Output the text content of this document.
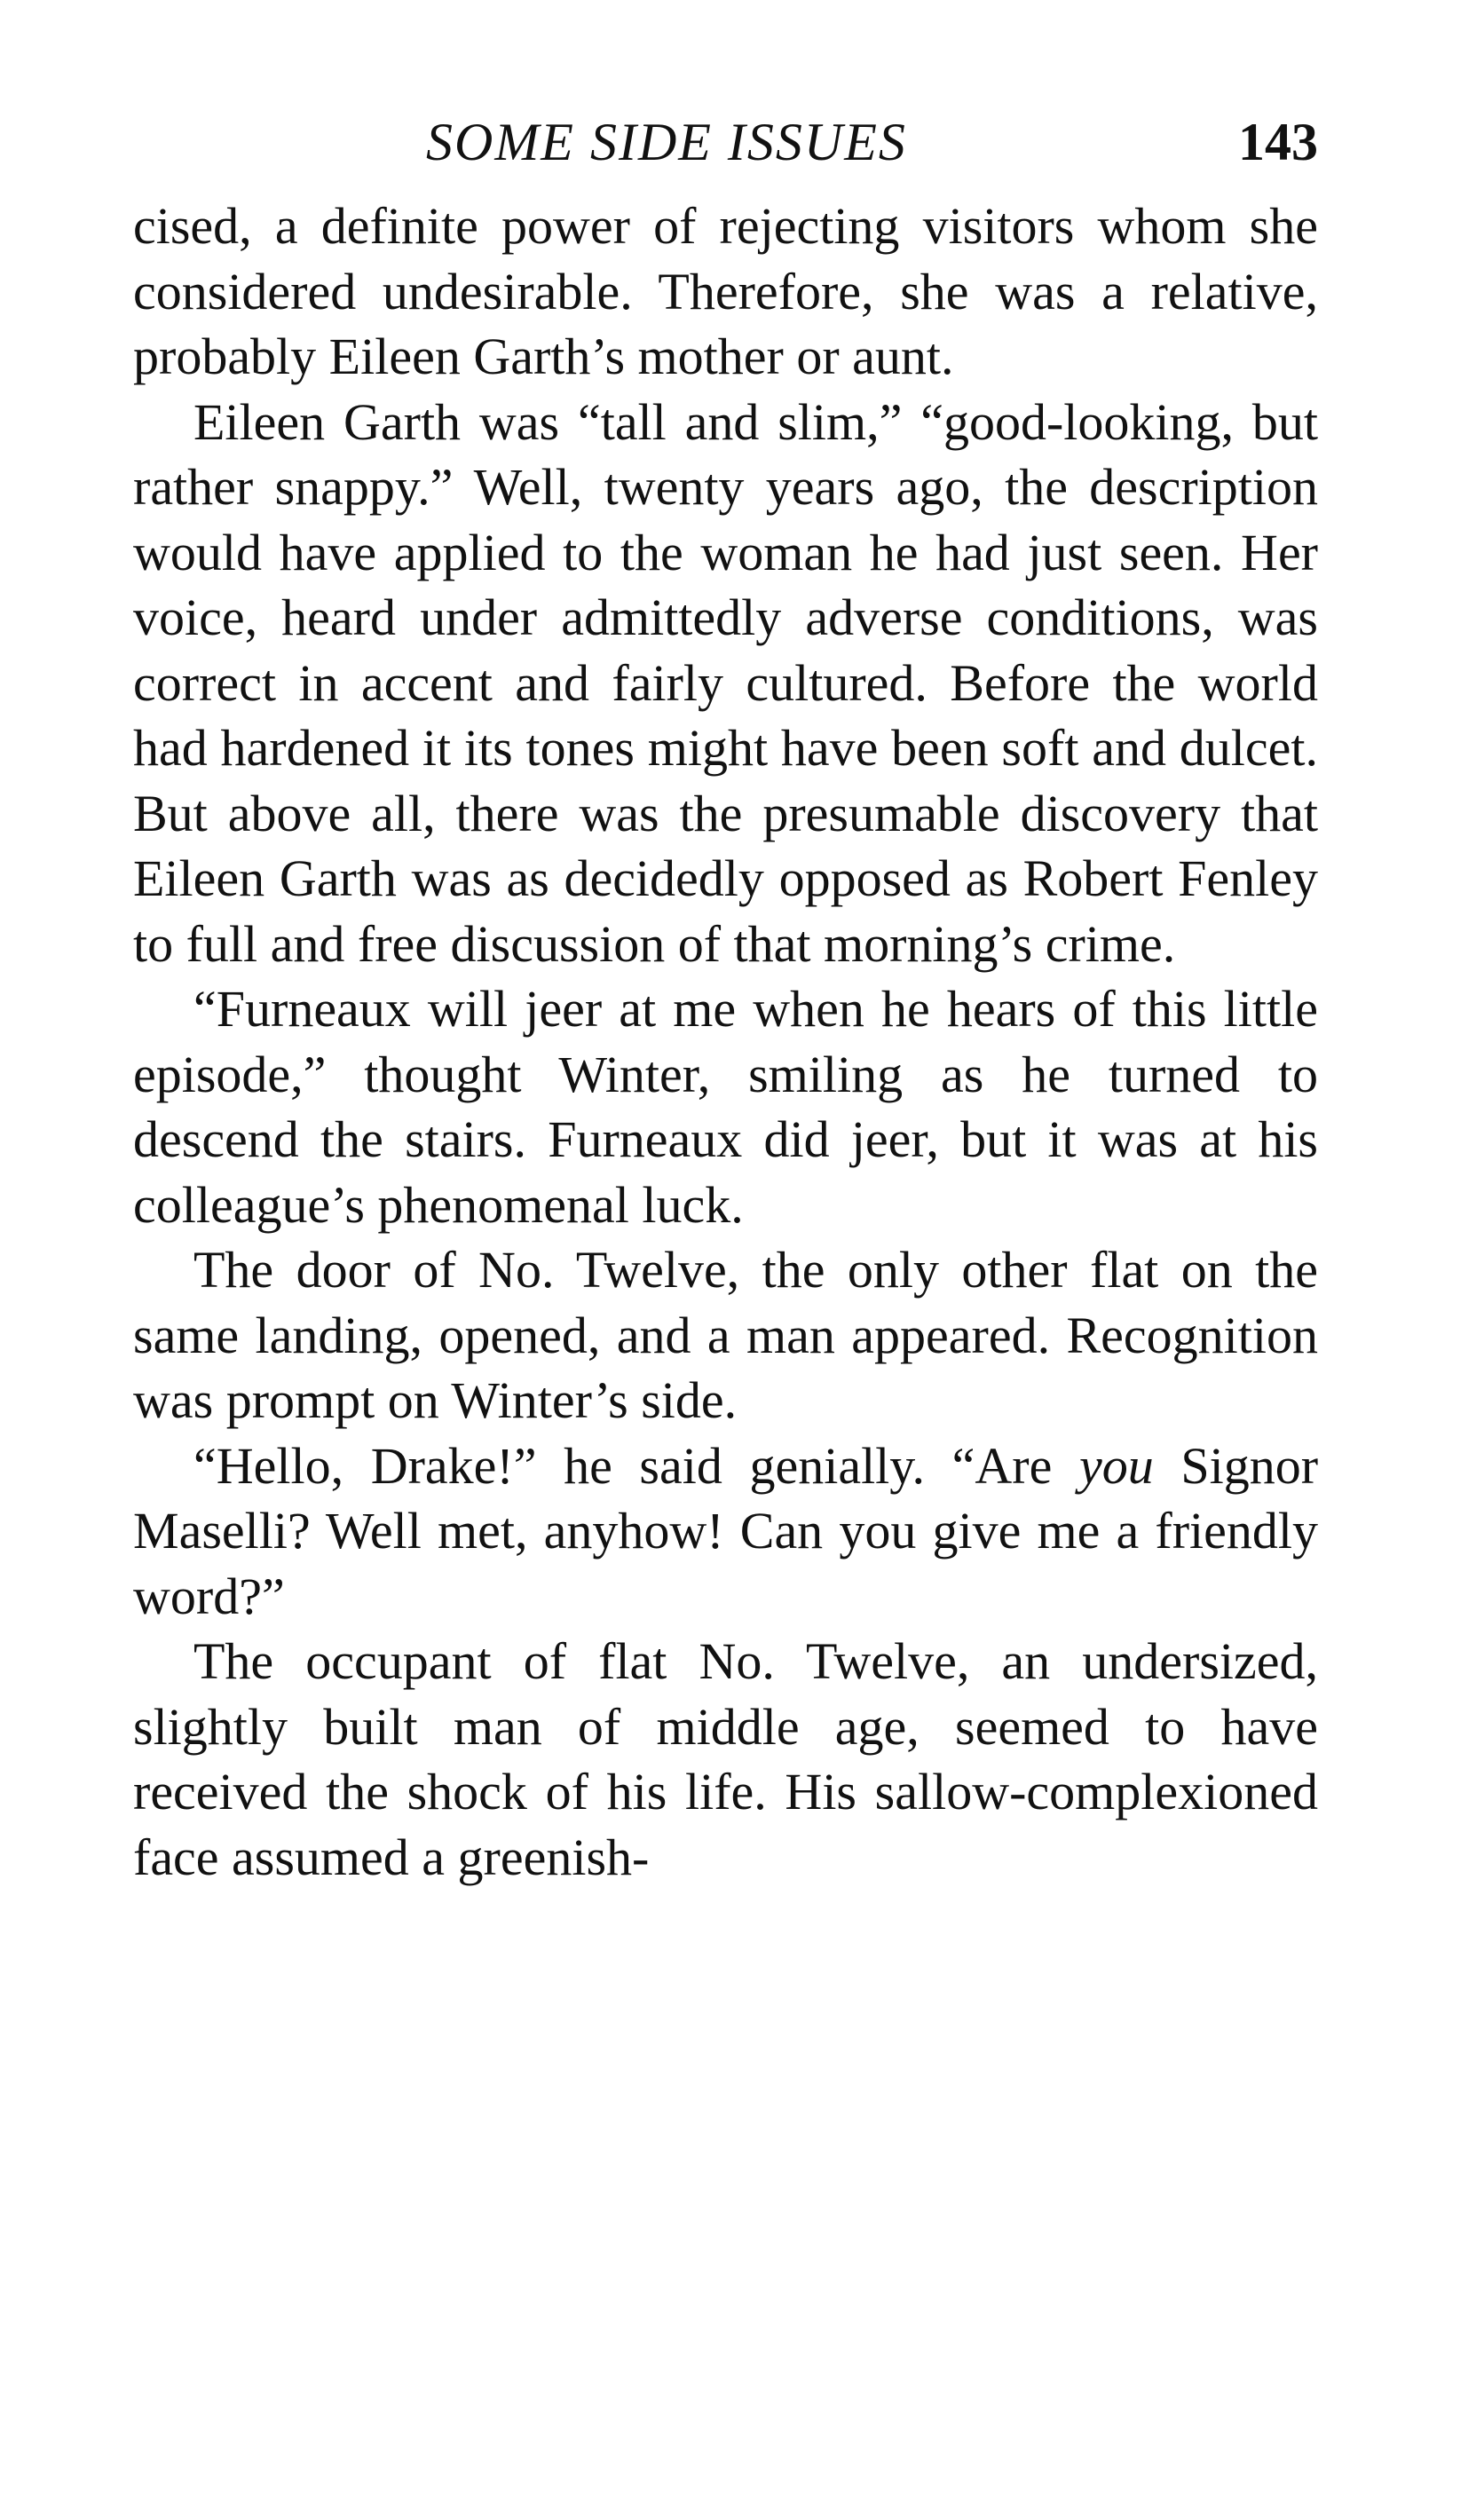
SOME SIDE ISSUES	143

cised, a definite power of rejecting visitors whom she considered undesirable. Therefore, she was a relative, probably Eileen Garth’s mother or aunt.

Eileen Garth was “tall and slim,” “good-looking, but rather snappy.” Well, twenty years ago, the description would have applied to the woman he had just seen. Her voice, heard under admittedly adverse conditions, was correct in accent and fairly cultured. Before the world had hardened it its tones might have been soft and dulcet. But above all, there was the presumable discovery that Eileen Garth was as decidedly opposed as Robert Fenley to full and free discussion of that morning’s crime.

“Furneaux will jeer at me when he hears of this little episode,” thought Winter, smiling as he turned to descend the stairs. Furneaux did jeer, but it was at his colleague’s phenomenal luck.

The door of No. Twelve, the only other flat on the same landing, opened, and a man appeared. Recognition was prompt on Winter’s side.

“Hello, Drake!” he said genially. “Are you Signor Maselli? Well met, anyhow! Can you give me a friendly word?”

The occupant of flat No. Twelve, an undersized, slightly built man of middle age, seemed to have received the shock of his life. His sallow-complexioned face assumed a greenish-
